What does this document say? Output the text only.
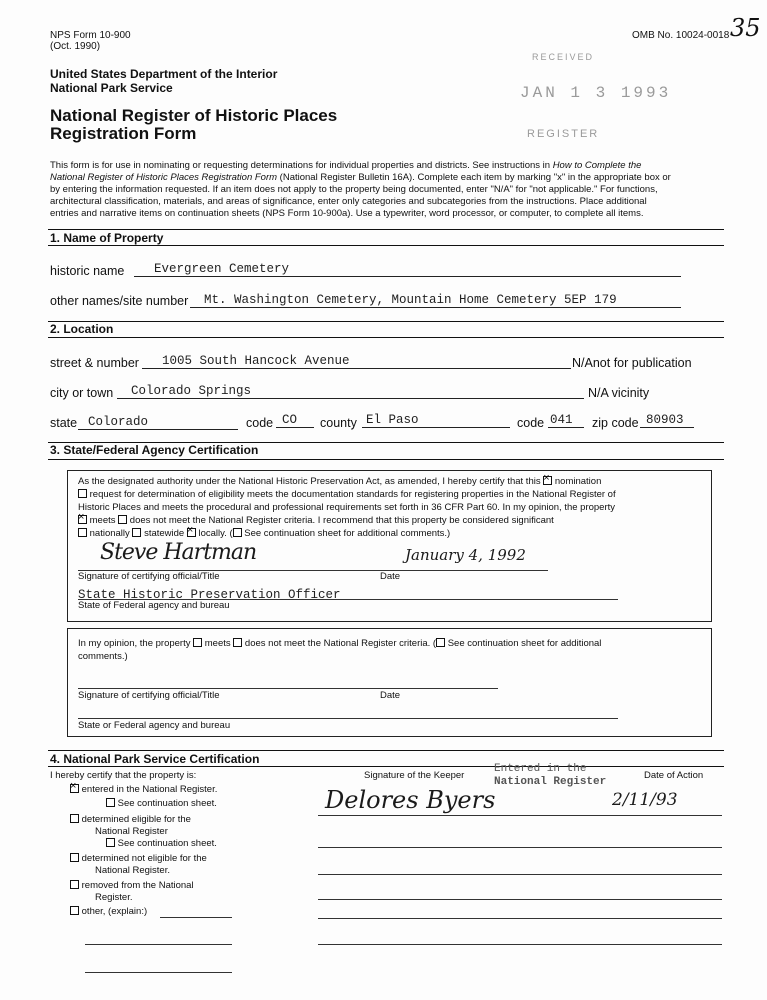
NPS Form 10-900
(Oct. 1990)
OMB No. 10024-0018 35
United States Department of the Interior
National Park Service
National Register of Historic Places
Registration Form
RECEIVED
JAN 1 3 1993
REGISTER
This form is for use in nominating or requesting determinations for individual properties and districts. See instructions in How to Complete the
National Register of Historic Places Registration Form (National Register Bulletin 16A). Complete each item by marking "x" in the appropriate box or
by entering the information requested. If an item does not apply to the property being documented, enter "N/A" for "not applicable." For functions,
architectural classification, materials, and areas of significance, enter only categories and subcategories from the instructions. Place additional
entries and narrative items on continuation sheets (NPS Form 10-900a). Use a typewriter, word processor, or computer, to complete all items.
1. Name of Property
historic name	Evergreen Cemetery
other names/site number	Mt. Washington Cemetery, Mountain Home Cemetery 5EP 179
2. Location
street & number	1005 South Hancock Avenue	N/Anot for publication
city or town	Colorado Springs	N/A vicinity
state Colorado	code CO	county El Paso	code 041	zip code 80903
3. State/Federal Agency Certification
As the designated authority under the National Historic Preservation Act, as amended, I hereby certify that this × nomination
request for determination of eligibility meets the documentation standards for registering properties in the National Register of
Historic Places and meets the procedural and professional requirements set forth in 36 CFR Part 60. In my opinion, the property
× meets does not meet the National Register criteria. I recommend that this property be considered significant
nationally statewide × locally. ( See continuation sheet for additional comments.)
Steve Hartman	January 4, 1992
Signature of certifying official/Title	Date
State Historic Preservation Officer
State of Federal agency and bureau
In my opinion, the property meets does not meet the National Register criteria. ( See continuation sheet for additional
comments.)
Signature of certifying official/Title	Date
State or Federal agency and bureau
4. National Park Service Certification
I hereby certify that the property is:	Signature of the Keeper	Date of Action
Entered in the
National Register
Delores Byers	2/11/93
× entered in the National Register.
See continuation sheet.
determined eligible for the
National Register
See continuation sheet.
determined not eligible for the
National Register.
removed from the National
Register.
other, (explain:)
